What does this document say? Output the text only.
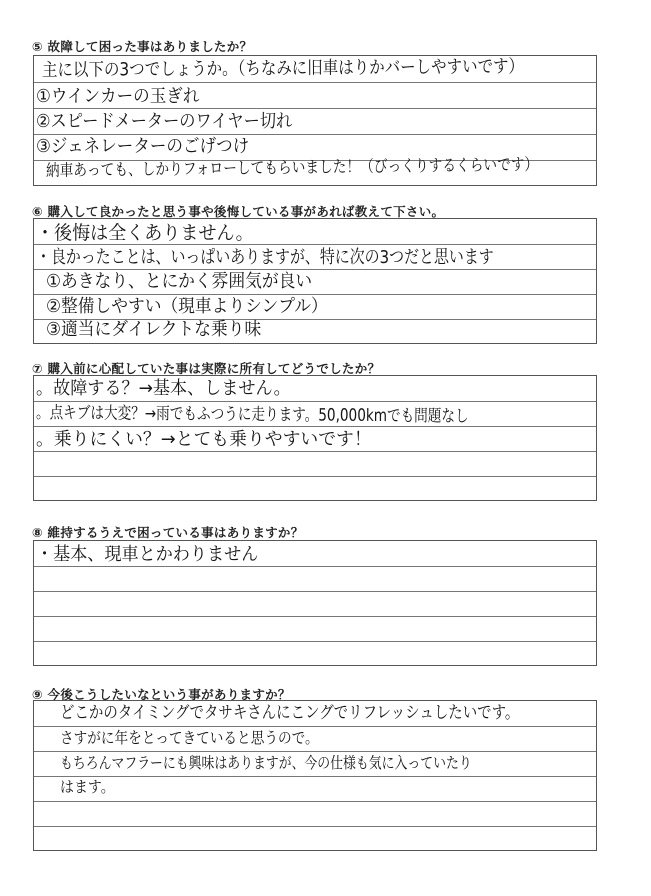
⑤ 故障して困った事はありましたか？
主に以下の3つでしょうか。（ちなみに旧車はりかバーしやすいです）
①ウインカーの玉ぎれ
②スピードメーターのワイヤー切れ
③ジェネレーターのごげつけ
納車あっても、しかりフォローしてもらいました！（びっくりするくらいです）
⑥ 購入して良かったと思う事や後悔している事があれば教えて下さい。
・後悔は全くありません。
・良かったことは、いっぱいありますが、特に次の3つだと思います
①あきなり、とにかく雰囲気が良い
②整備しやすい（現車よりシンプル）
③適当にダイレクトな乗り味
⑦ 購入前に心配していた事は実際に所有してどうでしたか？
。故障する？→基本、しません。
。点キブは大変？→雨でもふつうに走ります。50,000kmでも問題なし
。乗りにくい？→とても乗りやすいです！
⑧ 維持するうえで困っている事はありますか？
・基本、現車とかわりません
⑨ 今後こうしたいなという事がありますか？
どこかのタイミングでタサキさんにこングでリフレッシュしたいです。
さすがに年をとってきていると思うので。
もちろんマフラーにも興味はありますが、今の仕様も気に入っていたり
はます。
